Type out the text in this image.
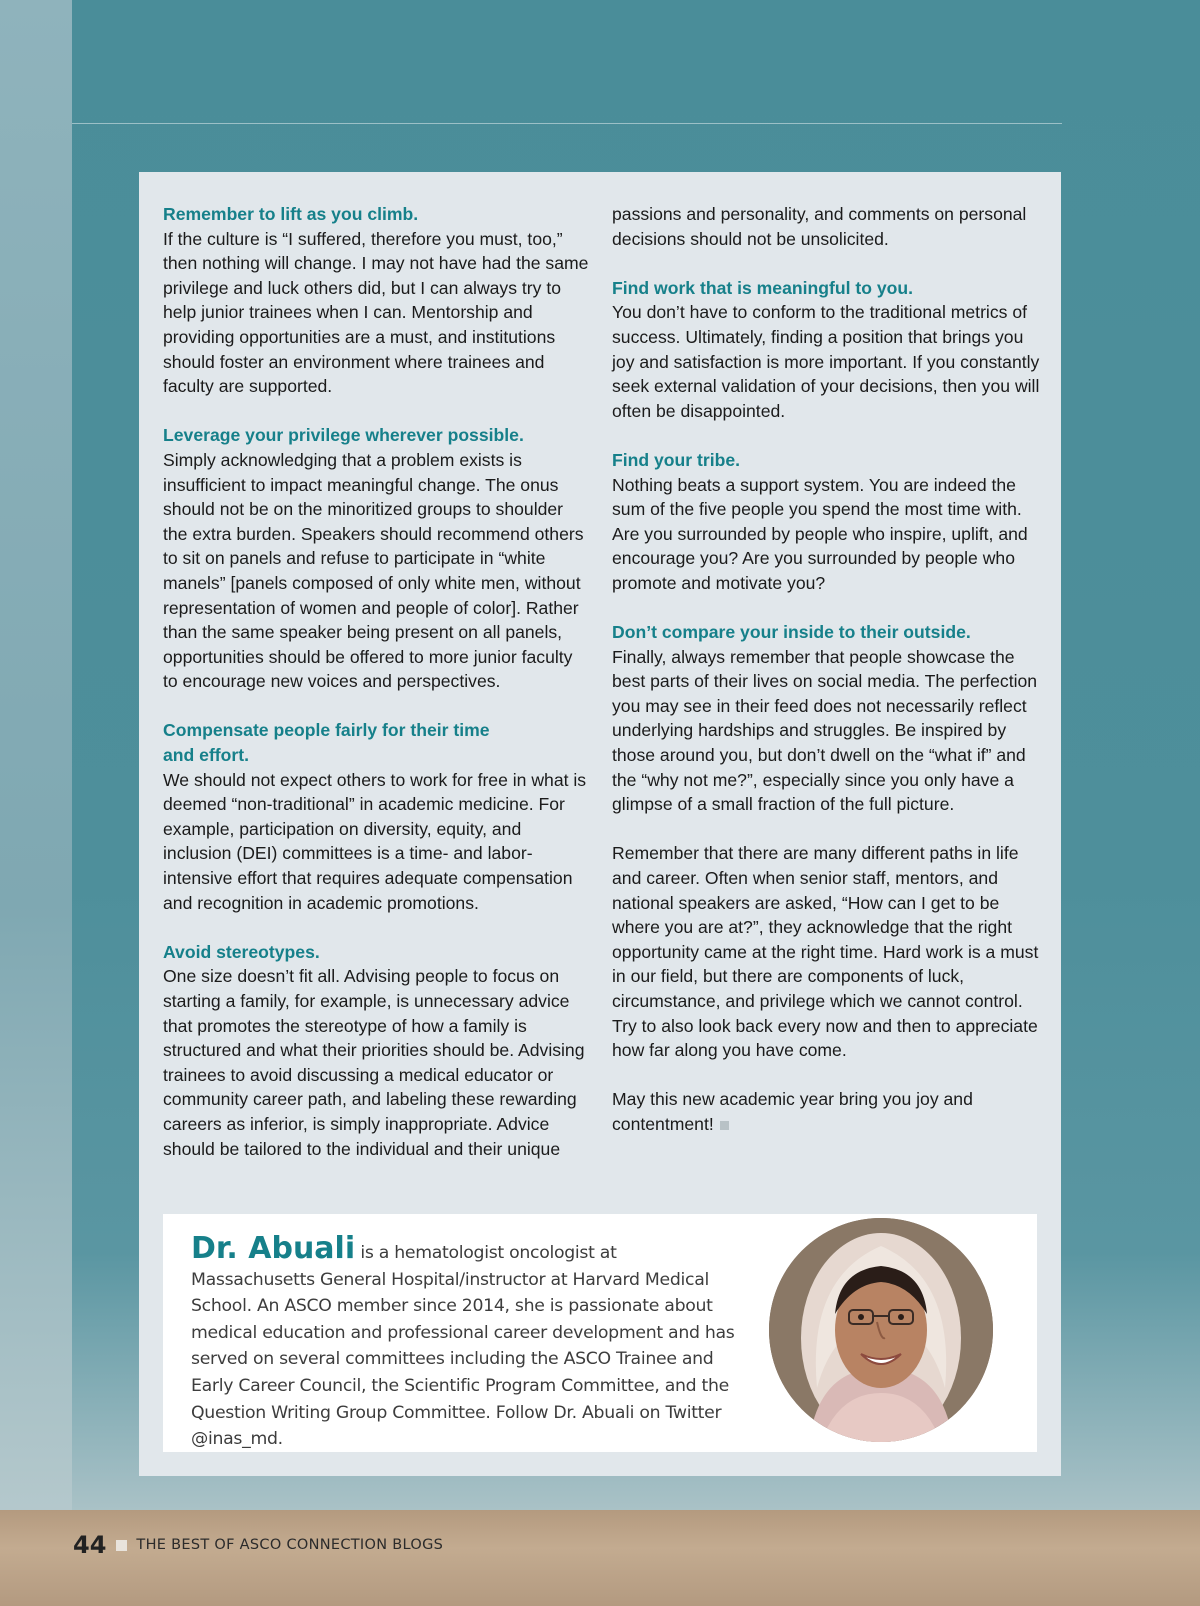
Remember to lift as you climb.

If the culture is “I suffered, therefore you must, too,” then nothing will change. I may not have had the same privilege and luck others did, but I can always try to help junior trainees when I can. Mentorship and providing opportunities are a must, and institutions should foster an environment where trainees and faculty are supported.

Leverage your privilege wherever possible.

Simply acknowledging that a problem exists is insufficient to impact meaningful change. The onus should not be on the minoritized groups to shoulder the extra burden. Speakers should recommend others to sit on panels and refuse to participate in “white manels” [panels composed of only white men, without representation of women and people of color]. Rather than the same speaker being present on all panels, opportunities should be offered to more junior faculty to encourage new voices and perspectives.

Compensate people fairly for their time and effort.

We should not expect others to work for free in what is deemed “non-traditional” in academic medicine. For example, participation on diversity, equity, and inclusion (DEI) committees is a time- and labor-intensive effort that requires adequate compensation and recognition in academic promotions.

Avoid stereotypes.

One size doesn’t fit all. Advising people to focus on starting a family, for example, is unnecessary advice that promotes the stereotype of how a family is structured and what their priorities should be. Advising trainees to avoid discussing a medical educator or community career path, and labeling these rewarding careers as inferior, is simply inappropriate. Advice should be tailored to the individual and their unique

passions and personality, and comments on personal decisions should not be unsolicited.

Find work that is meaningful to you.

You don’t have to conform to the traditional metrics of success. Ultimately, finding a position that brings you joy and satisfaction is more important. If you constantly seek external validation of your decisions, then you will often be disappointed.

Find your tribe.

Nothing beats a support system. You are indeed the sum of the five people you spend the most time with. Are you surrounded by people who inspire, uplift, and encourage you? Are you surrounded by people who promote and motivate you?

Don’t compare your inside to their outside.

Finally, always remember that people showcase the best parts of their lives on social media. The perfection you may see in their feed does not necessarily reflect underlying hardships and struggles. Be inspired by those around you, but don’t dwell on the “what if” and the “why not me?”, especially since you only have a glimpse of a small fraction of the full picture.

Remember that there are many different paths in life and career. Often when senior staff, mentors, and national speakers are asked, “How can I get to be where you are at?”, they acknowledge that the right opportunity came at the right time. Hard work is a must in our field, but there are components of luck, circumstance, and privilege which we cannot control. Try to also look back every now and then to appreciate how far along you have come.

May this new academic year bring you joy and contentment!

Dr. Abuali is a hematologist oncologist at Massachusetts General Hospital/instructor at Harvard Medical School. An ASCO member since 2014, she is passionate about medical education and professional career development and has served on several committees including the ASCO Trainee and Early Career Council, the Scientific Program Committee, and the Question Writing Group Committee. Follow Dr. Abuali on Twitter @inas_md.
44 THE BEST OF ASCO CONNECTION BLOGS
